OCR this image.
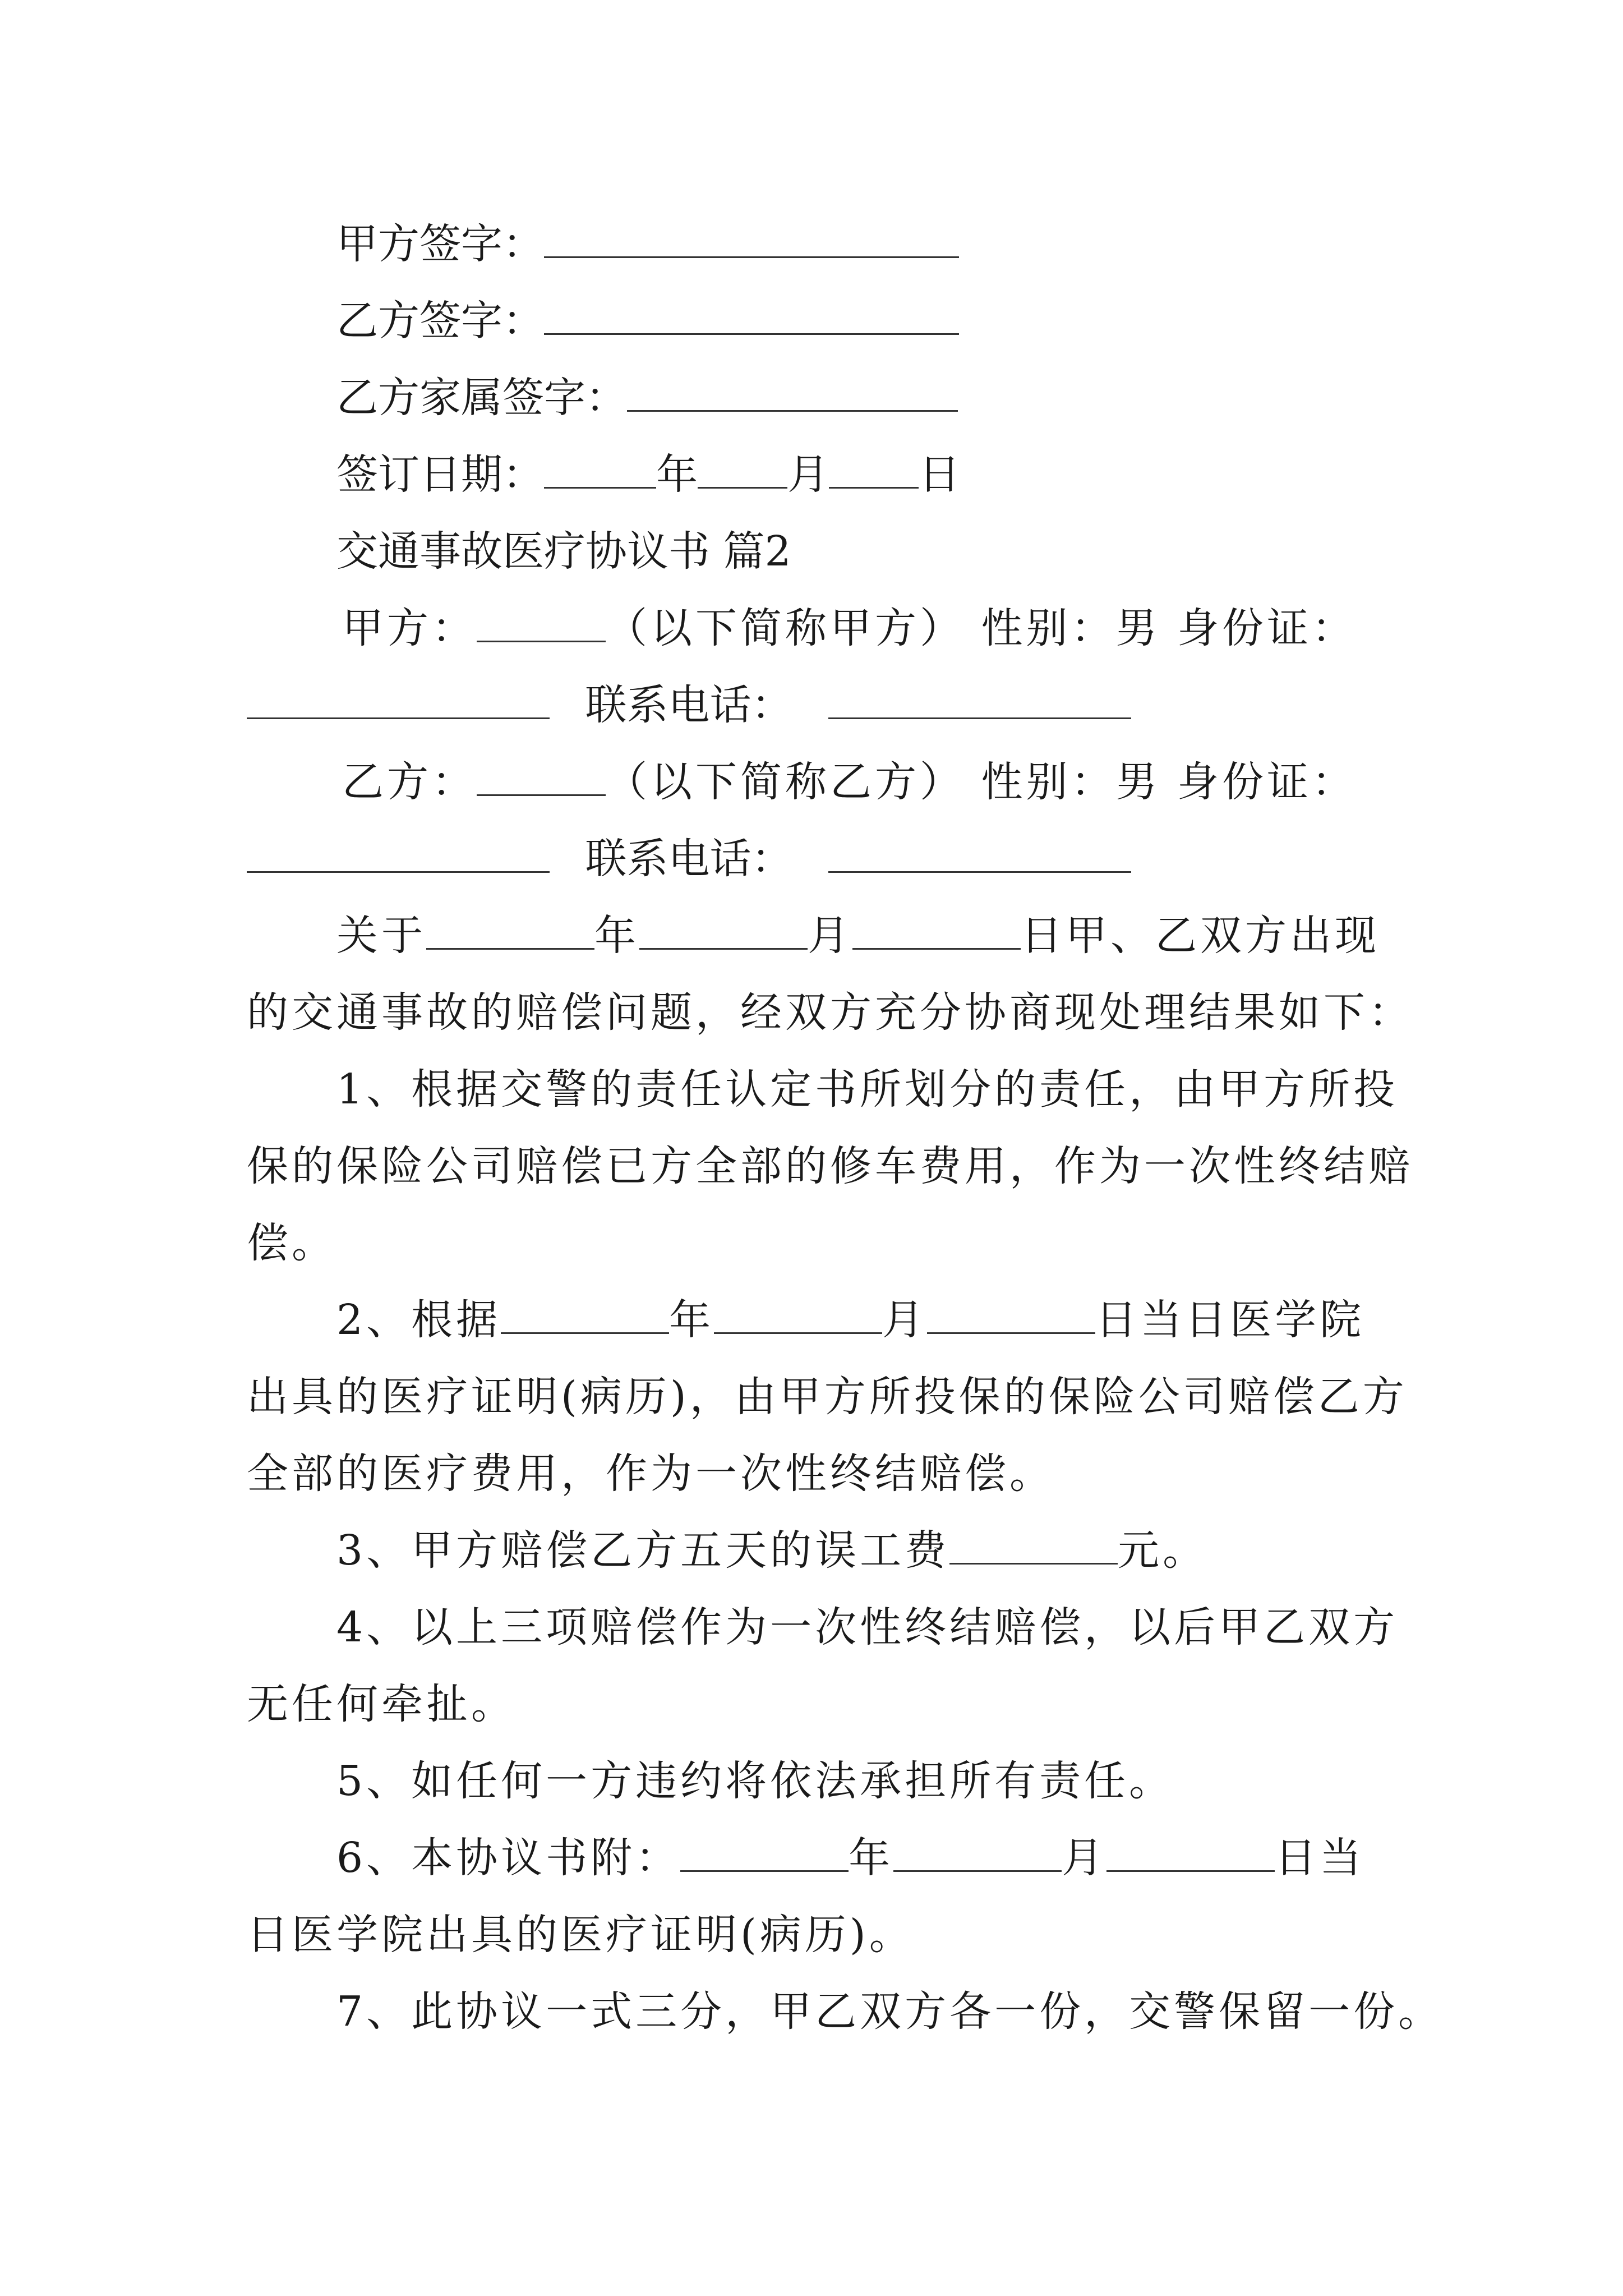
甲方签字：
乙方签字：
乙方家属签字：
签订日期：	年 月 日
交通事故医疗协议书 篇2
甲方：	（以下简称甲方） 性别：男 身份证：
联系电话：
乙方：	（以下简称乙方） 性别：男 身份证：
联系电话：
关于	年	月	日甲、乙双方出现
的交通事故的赔偿问题，经双方充分协商现处理结果如下：
1、根据交警的责任认定书所划分的责任，由甲方所投
保的保险公司赔偿已方全部的修车费用，作为一次性终结赔
偿。
2、根据	年	月	日当日医学院
出具的医疗证明(病历)，由甲方所投保的保险公司赔偿乙方
全部的医疗费用，作为一次性终结赔偿。
3、甲方赔偿乙方五天的误工费	元。
4、以上三项赔偿作为一次性终结赔偿，以后甲乙双方
无任何牵扯。
5、如任何一方违约将依法承担所有责任。
6、本协议书附：	年	月	日当
日医学院出具的医疗证明(病历)。
7、此协议一式三分，甲乙双方各一份，交警保留一份。
